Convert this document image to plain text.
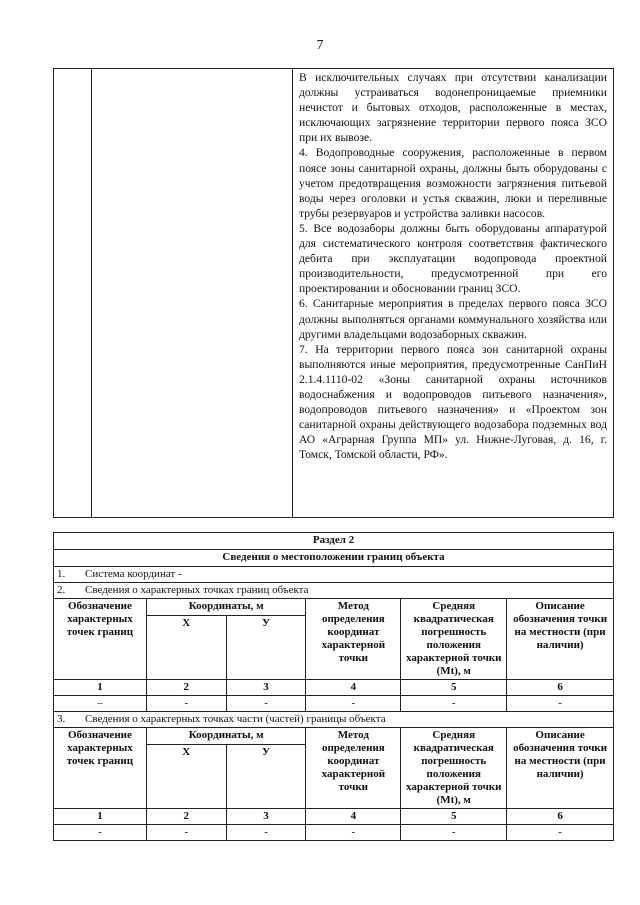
7

В исключительных случаях при отсутствии канализации должны устраиваться водонепроницаемые приемники нечистот и бытовых отходов, расположенные в местах, исключающих загрязнение территории первого пояса ЗСО при их вывозе.

4. Водопроводные сооружения, расположенные в первом поясе зоны санитарной охраны, должны быть оборудованы с учетом предотвращения возможности загрязнения питьевой воды через оголовки и устья скважин, люки и переливные трубы резервуаров и устройства заливки насосов.

5. Все водозаборы должны быть оборудованы аппаратурой для систематического контроля соответствия фактического дебита при эксплуатации водопровода проектной производительности, предусмотренной при его проектировании и обосновании границ ЗСО.

6. Санитарные мероприятия в пределах первого пояса ЗСО должны выполняться органами коммунального хозяйства или другими владельцами водозаборных скважин.

7. На территории первого пояса зон санитарной охраны выполняются иные мероприятия, предусмотренные СанПиН 2.1.4.1110-02 «Зоны санитарной охраны источников водоснабжения и водопроводов питьевого назначения», водопроводов питьевого назначения» и «Проектом зон санитарной охраны действующего водозабора подземных вод АО «Аграрная Группа МП» ул. Нижне-Луговая, д. 16, г. Томск, Томской области, РФ».

Раздел 2					
Сведения о местоположении границ объекта					
1. Система координат -					
2. Сведения о характерных точках границ объекта					
Обозначение характерных точек границ	Координаты, м		Метод определения координат характерной точки	Средняя квадратическая погрешность положения характерной точки (Mt), м	Описание обозначения точки на местности (при наличии)
	Х	У			
1	2	3	4	5	6
–	-	-	-	-	-
3. Сведения о характерных точках части (частей) границы объекта					
Обозначение характерных точек границ	Координаты, м		Метод определения координат характерной точки	Средняя квадратическая погрешность положения характерной точки (Mt), м	Описание обозначения точки на местности (при наличии)
	Х	У			
1	2	3	4	5	6
-	-	-	-	-	-
